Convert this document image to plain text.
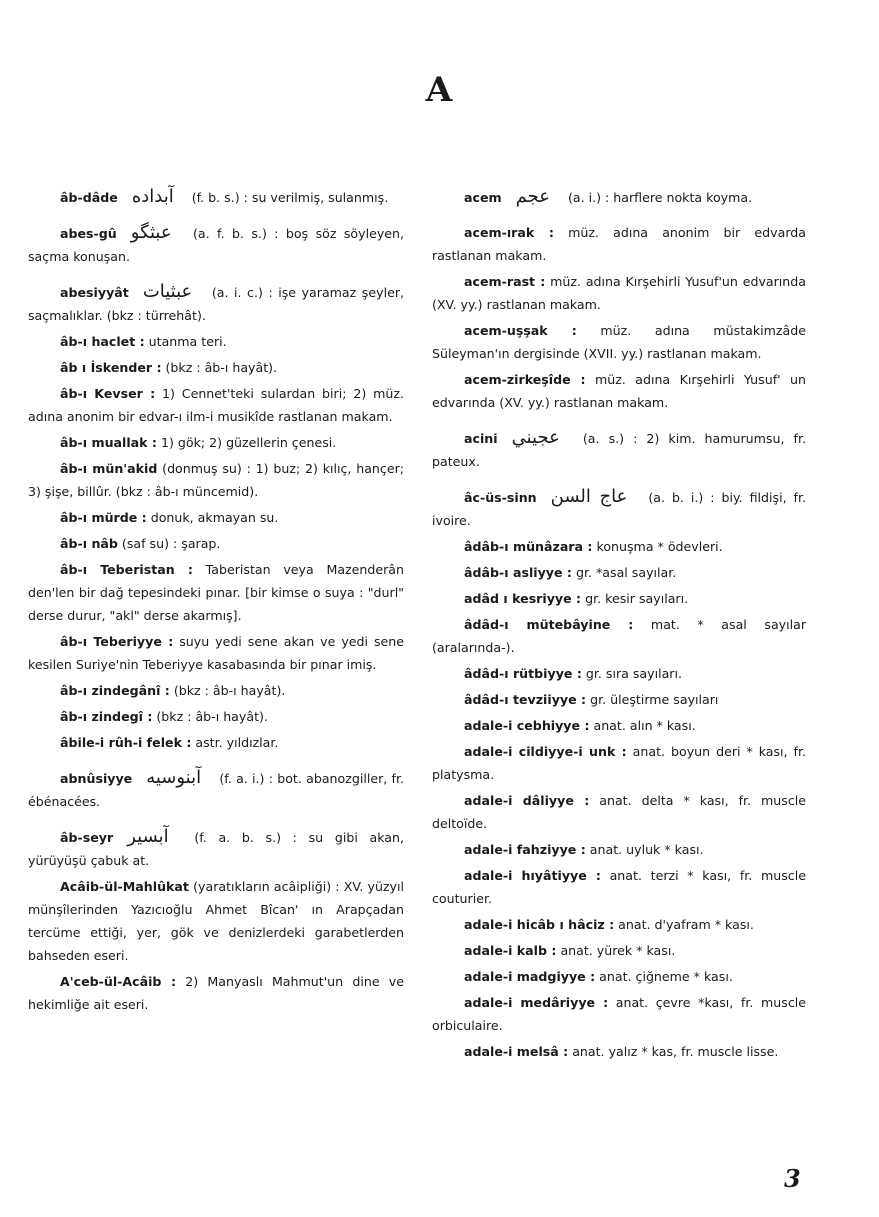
A

âb-dâde آبداده (f. b. s.) : su verilmiş, sulanmış.

abes-gû عبثگو (a. f. b. s.) : boş söz söyleyen, saçma konuşan.

abesiyyât عبثيات (a. i. c.) : işe yaramaz şeyler, saçmalıklar. (bkz : türrehât).

âb-ı haclet : utanma teri.

âb ı İskender : (bkz : âb-ı hayât).

âb-ı Kevser : 1) Cennet'teki sulardan biri; 2) müz. adına anonim bir edvar-ı ilm-i musikîde rastlanan makam.

âb-ı muallak : 1) gök; 2) güzellerin çenesi.

âb-ı mün'akid (donmuş su) : 1) buz; 2) kılıç, hançer; 3) şişe, billûr. (bkz : âb-ı müncemid).

âb-ı mürde : donuk, akmayan su.

âb-ı nâb (saf su) : şarap.

âb-ı Teberistan : Taberistan veya Mazenderân den'len bir dağ tepesindeki pınar. [bir kimse o suya : "durl" derse durur, "akl" derse akarmış].

âb-ı Teberiyye : suyu yedi sene akan ve yedi sene kesilen Suriye'nin Teberiyye kasabasında bir pınar imiş.

âb-ı zindegânî : (bkz : âb-ı hayât).

âb-ı zindegî : (bkz : âb-ı hayât).

âbile-i rûh-i felek : astr. yıldızlar.

abnûsiyye آبنوسيه (f. a. i.) : bot. abanozgiller, fr. ébénacées.

âb-seyr آبسير (f. a. b. s.) : su gibi akan, yürüyüşü çabuk at.

Acâib-ül-Mahlûkat (yaratıkların acâipliği) : XV. yüzyıl münşîlerinden Yazıcıoğlu Ahmet Bîcan' ın Arapçadan tercüme ettiği, yer, gök ve denizlerdeki garabetlerden bahseden eseri.

A'ceb-ül-Acâib : 2) Manyaslı Mahmut'un dine ve hekimliğe ait eseri.

acem عجم (a. i.) : harflere nokta koyma.

acem-ırak : müz. adına anonim bir edvarda rastlanan makam.

acem-rast : müz. adına Kırşehirli Yusuf'un edvarında (XV. yy.) rastlanan makam.

acem-uşşak : müz. adına müstakimzâde Süleyman'ın dergisinde (XVII. yy.) rastlanan makam.

acem-zirkeşîde : müz. adına Kırşehirli Yusuf' un edvarında (XV. yy.) rastlanan makam.

acini عجيني (a. s.) : 2) kim. hamurumsu, fr. pateux.

âc-üs-sinn عاج السن (a. b. i.) : biy. fildişi, fr. ivoire.

âdâb-ı münâzara : konuşma * ödevleri.

âdâb-ı asliyye : gr. *asal sayılar.

adâd ı kesriyye : gr. kesir sayıları.

âdâd-ı mütebâyine : mat. * asal sayılar (aralarında-).

âdâd-ı rütbiyye : gr. sıra sayıları.

âdâd-ı tevziiyye : gr. üleştirme sayıları

adale-i cebhiyye : anat. alın * kası.

adale-i cildiyye-i unk : anat. boyun deri * kası, fr. platysma.

adale-i dâliyye : anat. delta * kası, fr. muscle deltoïde.

adale-i fahziyye : anat. uyluk * kası.

adale-i hıyâtiyye : anat. terzi * kası, fr. muscle couturier.

adale-i hicâb ı hâciz : anat. d'yafram * kası.

adale-i kalb : anat. yürek * kası.

adale-i madgiyye : anat. çiğneme * kası.

adale-i medâriyye : anat. çevre *kası, fr. muscle orbiculaire.

adale-i melsâ : anat. yalız * kas, fr. muscle lisse.

3
